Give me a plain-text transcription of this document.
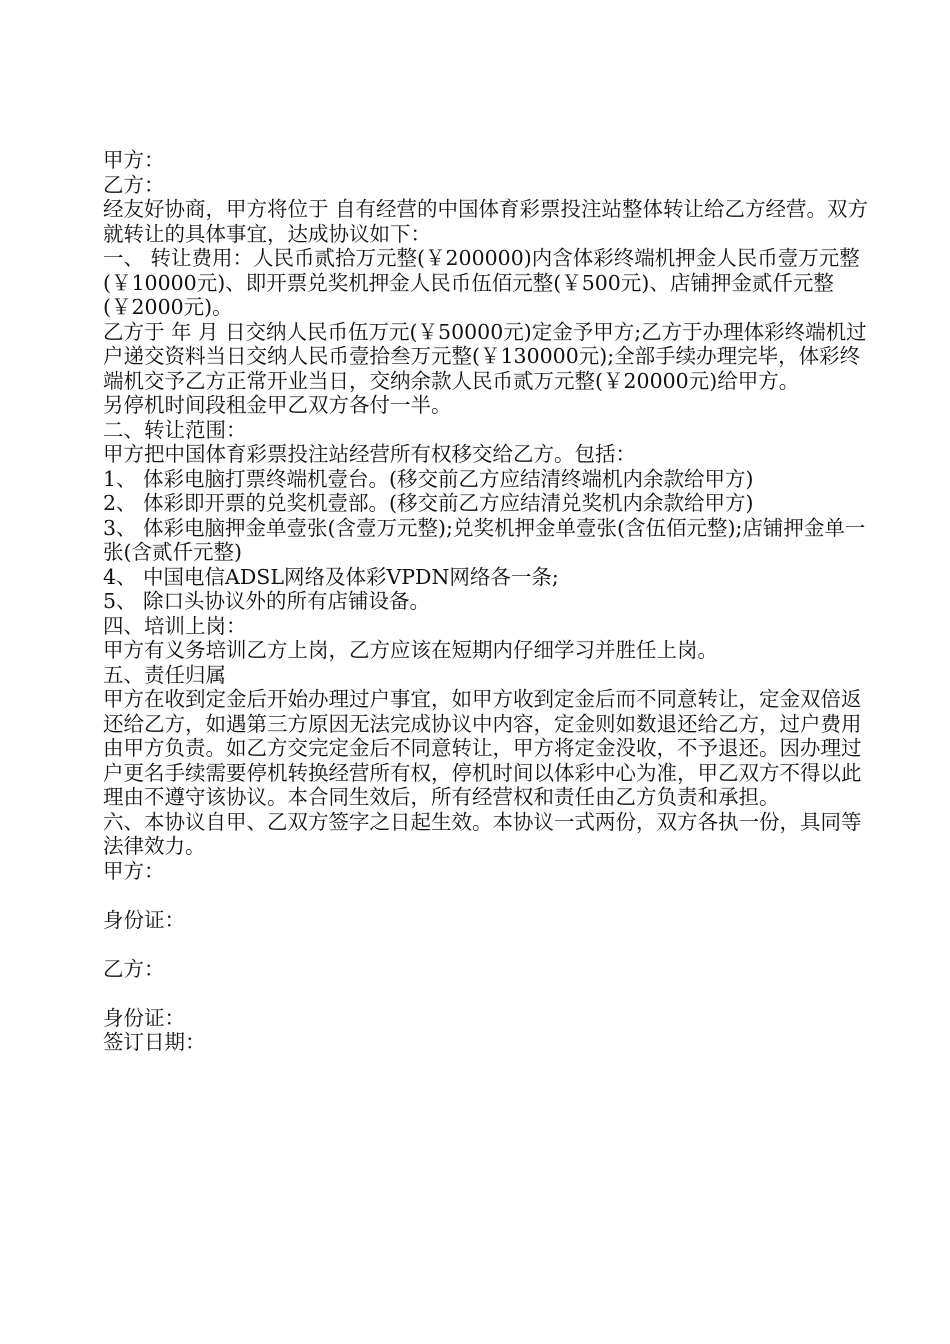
甲方：

乙方：

经友好协商，甲方将位于 自有经营的中国体育彩票投注站整体转让给乙方经营。双方就转让的具体事宜，达成协议如下：

一、 转让费用：人民币贰拾万元整(￥200000)内含体彩终端机押金人民币壹万元整(￥10000元)、即开票兑奖机押金人民币伍佰元整(￥500元)、店铺押金贰仟元整(￥2000元)。

乙方于 年 月 日交纳人民币伍万元(￥50000元)定金予甲方;乙方于办理体彩终端机过户递交资料当日交纳人民币壹拾叁万元整(￥130000元);全部手续办理完毕，体彩终端机交予乙方正常开业当日，交纳余款人民币贰万元整(￥20000元)给甲方。

另停机时间段租金甲乙双方各付一半。

二、转让范围：

甲方把中国体育彩票投注站经营所有权移交给乙方。包括：

1、 体彩电脑打票终端机壹台。(移交前乙方应结清终端机内余款给甲方)

2、 体彩即开票的兑奖机壹部。(移交前乙方应结清兑奖机内余款给甲方)

3、 体彩电脑押金单壹张(含壹万元整);兑奖机押金单壹张(含伍佰元整);店铺押金单一张(含贰仟元整)

4、 中国电信ADSL网络及体彩VPDN网络各一条;

5、 除口头协议外的所有店铺设备。

四、培训上岗：

甲方有义务培训乙方上岗，乙方应该在短期内仔细学习并胜任上岗。

五、责任归属

甲方在收到定金后开始办理过户事宜，如甲方收到定金后而不同意转让，定金双倍返还给乙方，如遇第三方原因无法完成协议中内容，定金则如数退还给乙方，过户费用由甲方负责。如乙方交完定金后不同意转让，甲方将定金没收，不予退还。因办理过户更名手续需要停机转换经营所有权，停机时间以体彩中心为准，甲乙双方不得以此理由不遵守该协议。本合同生效后，所有经营权和责任由乙方负责和承担。

六、本协议自甲、乙双方签字之日起生效。本协议一式两份，双方各执一份，具同等法律效力。

甲方：

身份证：

乙方：

身份证：

签订日期：
